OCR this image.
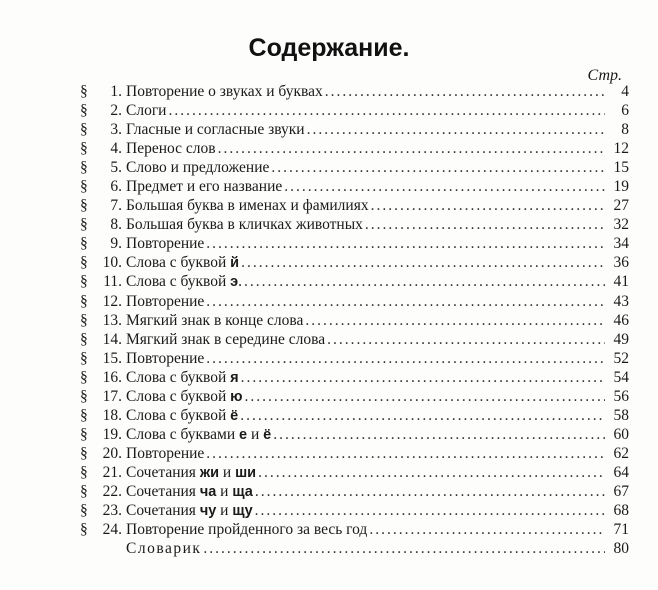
Содержание.
Стр.
§	1. Повторение о звуках и буквах .....	4
§	2. Слоги .....	6
§	3. Гласные и согласные звуки .....	8
§	4. Перенос слов .....	12
§	5. Слово и предложение .....	15
§	6. Предмет и его название .....	19
§	7. Большая буква в именах и фамилиях .....	27
§	8. Большая буква в кличках животных .....	32
§	9. Повторение .....	34
§ 10. Слова с буквой й .....	36
§ 11. Слова с буквой э. .....	41
§ 12. Повторение .....	43
§ 13. Мягкий знак в конце слова .....	46
§ 14. Мягкий знак в середине слова .....	49
§ 15. Повторение .....	52
§ 16. Слова с буквой я .....	54
§ 17. Слова с буквой ю .....	56
§ 18. Слова с буквой ё .....	58
§ 19. Слова с буквами е и ё .....	60
§ 20. Повторение .....	62
§ 21. Сочетания жи и ши .....	64
§ 22. Сочетания ча и ща .....	67
§ 23. Сочетания чу и щу .....	68
§ 24. Повторение пройденного за весь год .....	71
Словарик .....	80
